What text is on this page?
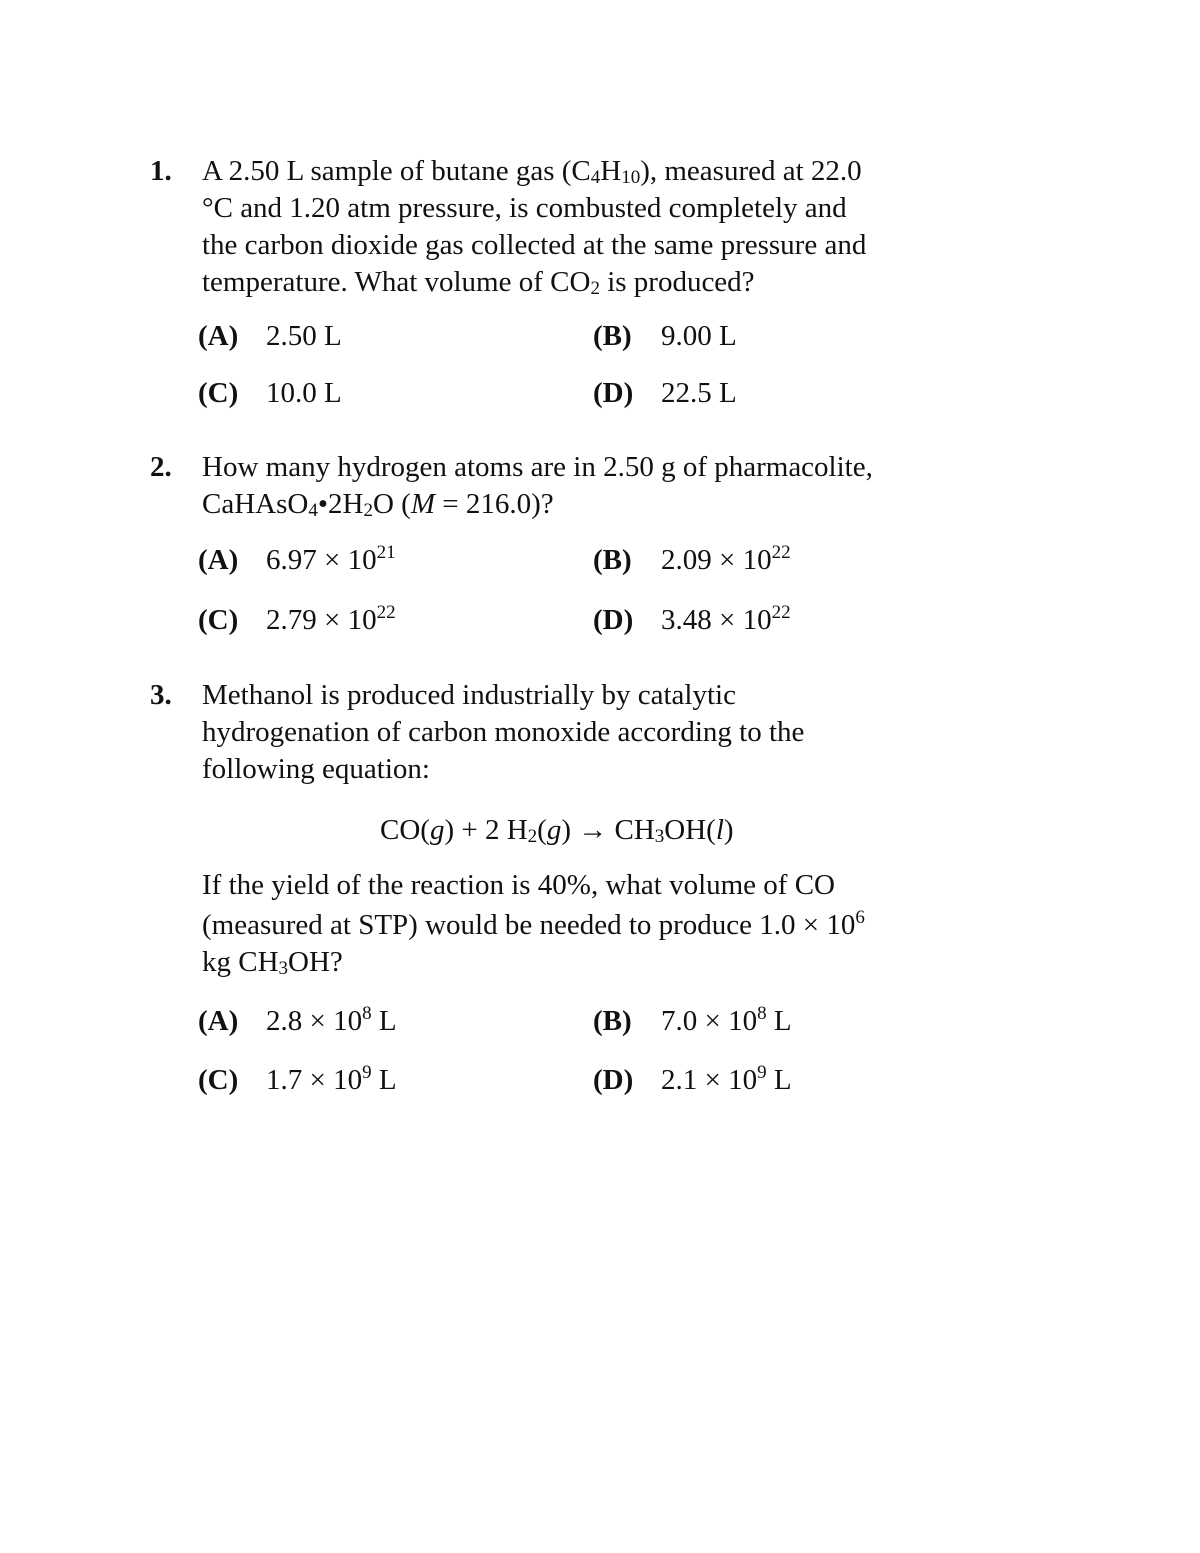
1. A 2.50 L sample of butane gas $(C_4H_{10})$, measured at 22.0
°C and 1.20 atm pressure, is combusted completely and
the carbon dioxide gas collected at the same pressure and
temperature. What volume of $CO_2$ is produced?
(A) 2.50 L	(B) 9.00 L
(C) 10.0 L	(D) 22.5 L
2. How many hydrogen atoms are in 2.50 g of pharmacolite,
$CaHAsO_4•2H_2O$ (M = 216.0)?
(A) $6.97 \times 10^{21}$	(B) $2.09 \times 10^{22}$
(C) $2.79 \times 10^{22}$	(D) $3.48 \times 10^{22}$
3. Methanol is produced industrially by catalytic
hydrogenation of carbon monoxide according to the
following equation:
CO(g) + 2 $H_2(g) \to CH_3OH(l)$
If the yield of the reaction is 40%, what volume of CO
(measured at STP) would be needed to produce $1.0 \times 10^6$
kg $CH_3OH$?
(A) $2.8 \times 10^8$ L	(B) $7.0 \times 10^8$ L
(C) $1.7 \times 10^9$ L	(D) $2.1 \times 10^9$ L
